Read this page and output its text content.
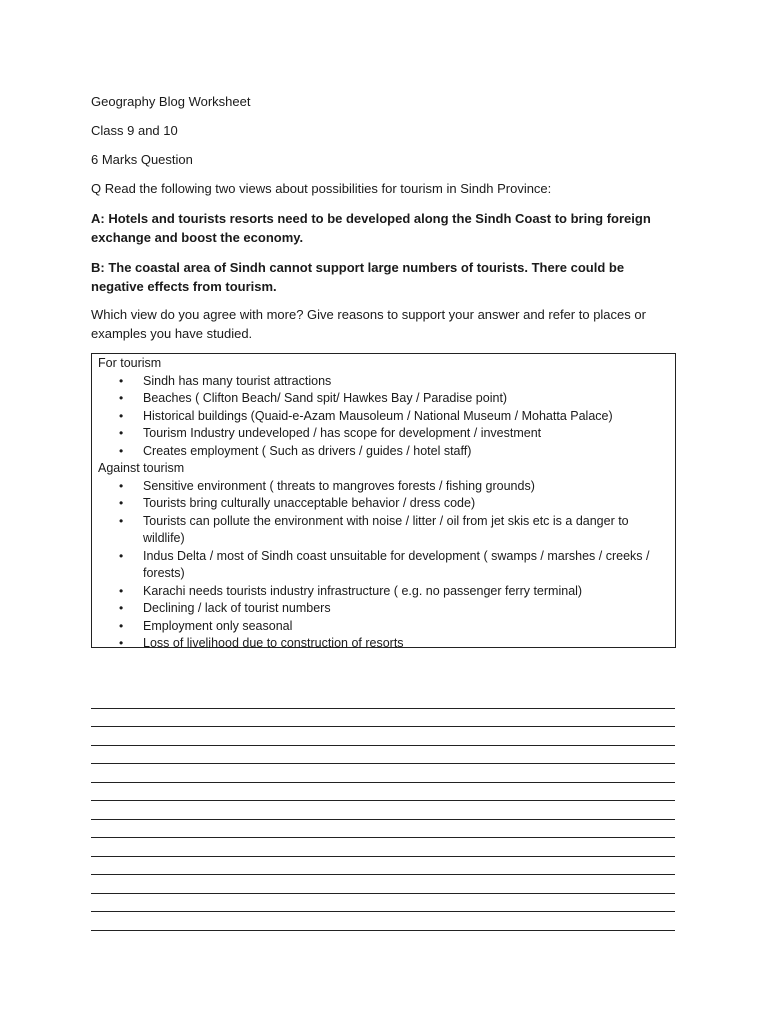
Geography Blog Worksheet
Class 9 and 10
6 Marks Question
Q Read the following two views about possibilities for tourism in Sindh Province:
A: Hotels and tourists resorts need to be developed along the Sindh Coast to bring foreign exchange and boost the economy.
B: The coastal area of Sindh cannot support large numbers of tourists. There could be negative effects from tourism.
Which view do you agree with more? Give reasons to support your answer and refer to places or examples you have studied.
For tourism
• Sindh has many tourist attractions
• Beaches ( Clifton Beach/ Sand spit/ Hawkes Bay / Paradise point)
• Historical buildings (Quaid-e-Azam Mausoleum / National Museum / Mohatta Palace)
• Tourism Industry undeveloped / has scope for development / investment
• Creates employment ( Such as drivers / guides / hotel staff)
Against tourism
• Sensitive environment ( threats to mangroves forests / fishing grounds)
• Tourists bring culturally unacceptable behavior / dress code)
• Tourists can pollute the environment with noise / litter / oil from jet skis etc is a danger to wildlife)
• Indus Delta / most of Sindh coast unsuitable for development ( swamps / marshes / creeks / forests)
• Karachi needs tourists industry infrastructure ( e.g. no passenger ferry terminal)
• Declining / lack of tourist numbers
• Employment only seasonal
• Loss of livelihood due to construction of resorts
